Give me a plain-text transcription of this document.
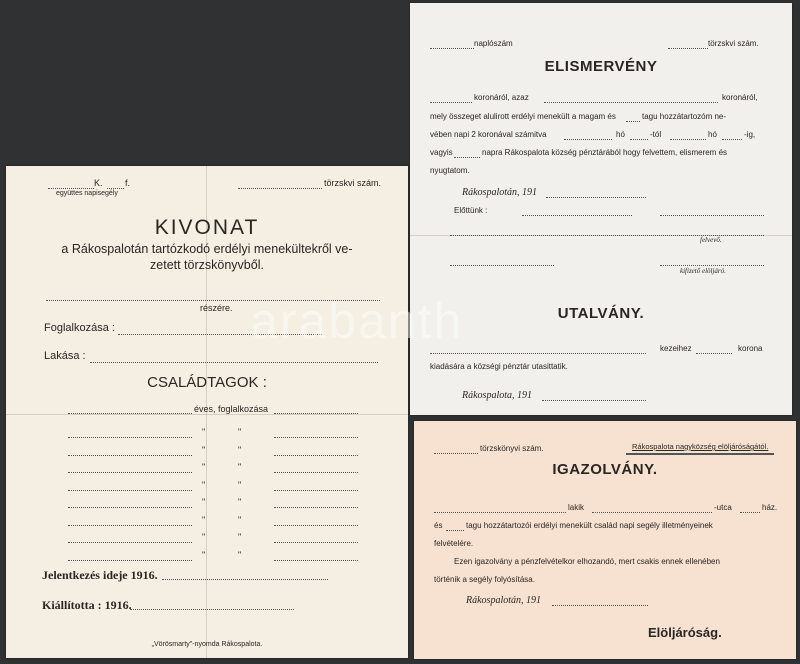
K. f.
együttes napisegély
törzskvi szám.
KIVONAT
a Rákospalotán tartózkodó erdélyi menekültekről ve-
zetett törzskönyvből.
részére.
Foglalkozása :
Lakása :
CSALÁDTAGOK :
éves, foglalkozása
"	"
"	"
"	"
"	"
"	"
"	"
"	"
"	"
Jelentkezés ideje 1916.
Kiállította : 1916.
„Vörösmarty"-nyomda Rákospalota.
naplószám	törzskvi szám.
ELISMERVÉNY
koronáról, azaz	koronáról,
mely összeget alulirott erdélyi menekült a magam és	tagu hozzátartozóm ne-
vében napi 2 koronával számitva	hó	-tól	hó	-ig,
vagyis	napra Rákospalota község pénztárából hogy felvettem, elismerem és
nyugtatom.
Rákospalotán, 191
Előttünk :
felvevő.
kifizető elöljáró.
UTALVÁNY.
kezeihez	korona
kiadására a községi pénztár utasittatik.
Rákospalota, 191
törzskönyvi szám.	Rákospalota nagyközség elöljáróságától.
IGAZOLVÁNY.
lakik	-utca	ház.
és	tagu hozzátartozói erdélyi menekült család napi segély illetményeinek
felvételére.
Ezen igazolvány a pénzfelvételkor elhozandó, mert csakis ennek ellenében
történik a segély folyósítása.
Rákospalotán, 191
Elöljáróság.
arabanth
